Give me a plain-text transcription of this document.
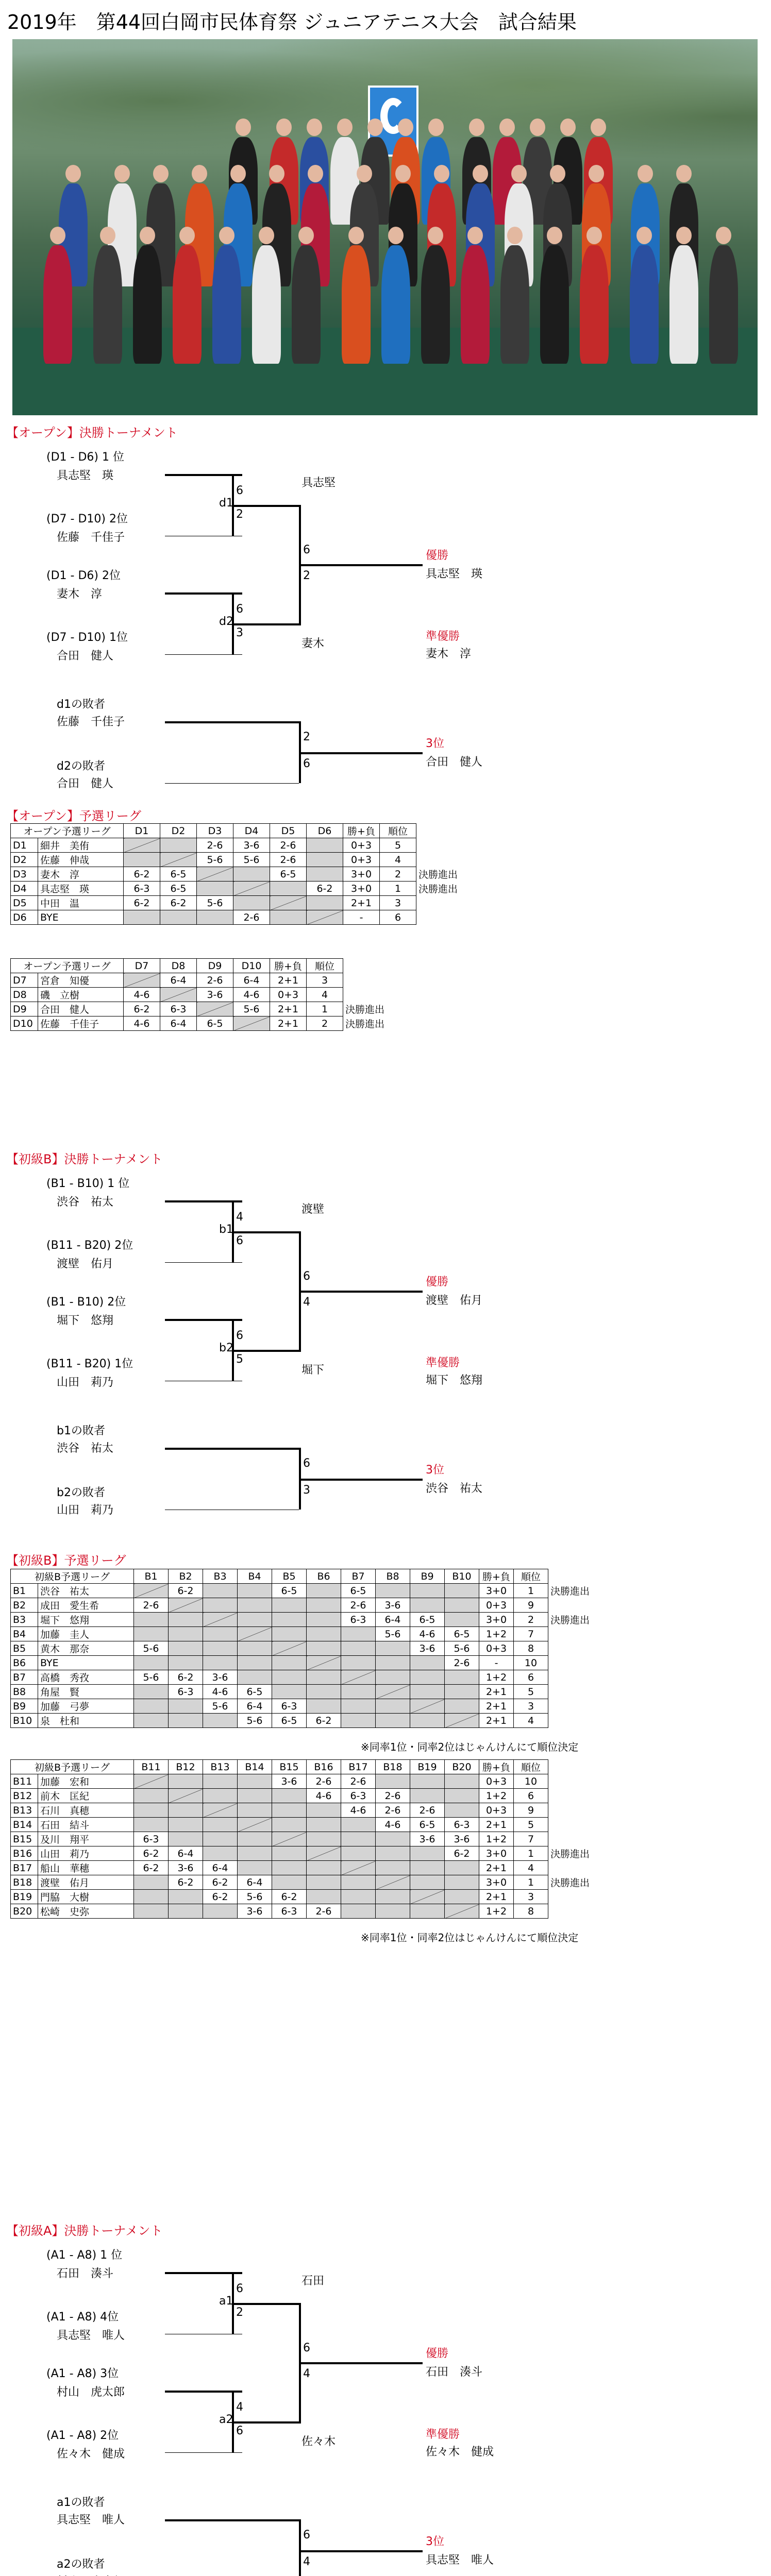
2019年　第44回白岡市民体育祭 ジュニアテニス大会　試合結果
【オープン】決勝トーナメント
(D1 - D6) 1 位
具志堅　瑛
(D7 - D10) 2位
佐藤　千佳子
(D1 - D6) 2位
妻木　淳
(D7 - D10) 1位
合田　健人
d1
6
2
具志堅
d2
6
3
妻木
6
2
優勝
具志堅　瑛
準優勝
妻木　淳
d1の敗者
佐藤　千佳子
d2の敗者
合田　健人
2
6
3位
合田　健人
【オープン】予選リーグ
オープン予選リーグ		D1	D2	D3	D4	D5	D6	勝+負	順位	
D1	細井　美侑			2-6	3-6	2-6		0+3	5	
D2	佐藤　伸哉			5-6	5-6	2-6		0+3	4	
D3	妻木　淳	6-2	6-5			6-5		3+0	2	決勝進出
D4	具志堅　瑛	6-3	6-5				6-2	3+0	1	決勝進出
D5	中田　温	6-2	6-2	5-6				2+1	3	
D6	BYE				2-6			-	6	
オープン予選リーグ		D7	D8	D9	D10	勝+負	順位	
D7	宮倉　知優		6-4	2-6	6-4	2+1	3	
D8	磯　立樹	4-6		3-6	4-6	0+3	4	
D9	合田　健人	6-2	6-3		5-6	2+1	1	決勝進出
D10	佐藤　千佳子	4-6	6-4	6-5		2+1	2	決勝進出
【初級B】決勝トーナメント
(B1 - B10) 1 位
渋谷　祐太
(B11 - B20) 2位
渡壁　佑月
(B1 - B10) 2位
堀下　悠翔
(B11 - B20) 1位
山田　莉乃
b1
4
6
渡壁
b2
6
5
堀下
6
4
優勝
渡壁　佑月
準優勝
堀下　悠翔
b1の敗者
渋谷　祐太
b2の敗者
山田　莉乃
6
3
3位
渋谷　祐太
【初級B】予選リーグ
初級B予選リーグ		B1	B2	B3	B4	B5	B6	B7	B8	B9	B10	勝+負	順位	
B1	渋谷　祐太		6-2			6-5		6-5				3+0	1	決勝進出
B2	成田　愛生希	2-6						2-6	3-6			0+3	9	
B3	堀下　悠翔							6-3	6-4	6-5		3+0	2	決勝進出
B4	加藤　圭人								5-6	4-6	6-5	1+2	7	
B5	黄木　那奈	5-6								3-6	5-6	0+3	8	
B6	BYE										2-6	-	10	
B7	高橋　秀孜	5-6	6-2	3-6								1+2	6	
B8	角屋　賢		6-3	4-6	6-5							2+1	5	
B9	加藤　弓夢			5-6	6-4	6-3						2+1	3	
B10	泉　杜和				5-6	6-5	6-2					2+1	4	
※同率1位・同率2位はじゃんけんにて順位決定
初級B予選リーグ		B11	B12	B13	B14	B15	B16	B17	B18	B19	B20	勝+負	順位	
B11	加藤　宏和					3-6	2-6	2-6				0+3	10	
B12	前木　匡紀						4-6	6-3	2-6			1+2	6	
B13	石川　真穂							4-6	2-6	2-6		0+3	9	
B14	石田　結斗								4-6	6-5	6-3	2+1	5	
B15	及川　翔平	6-3								3-6	3-6	1+2	7	
B16	山田　莉乃	6-2	6-4								6-2	3+0	1	決勝進出
B17	船山　華穗	6-2	3-6	6-4								2+1	4	
B18	渡壁　佑月		6-2	6-2	6-4							3+0	1	決勝進出
B19	門脇　大樹			6-2	5-6	6-2						2+1	3	
B20	松崎　史弥				3-6	6-3	2-6					1+2	8	
※同率1位・同率2位はじゃんけんにて順位決定
【初級A】決勝トーナメント
(A1 - A8) 1 位
石田　湊斗
(A1 - A8) 4位
具志堅　唯人
(A1 - A8) 3位
村山　虎太郎
(A1 - A8) 2位
佐々木　健成
a1
6
2
石田
a2
4
6
佐々木
6
4
優勝
石田　湊斗
準優勝
佐々木　健成
a1の敗者
具志堅　唯人
a2の敗者
6
4
3位
具志堅　唯人
